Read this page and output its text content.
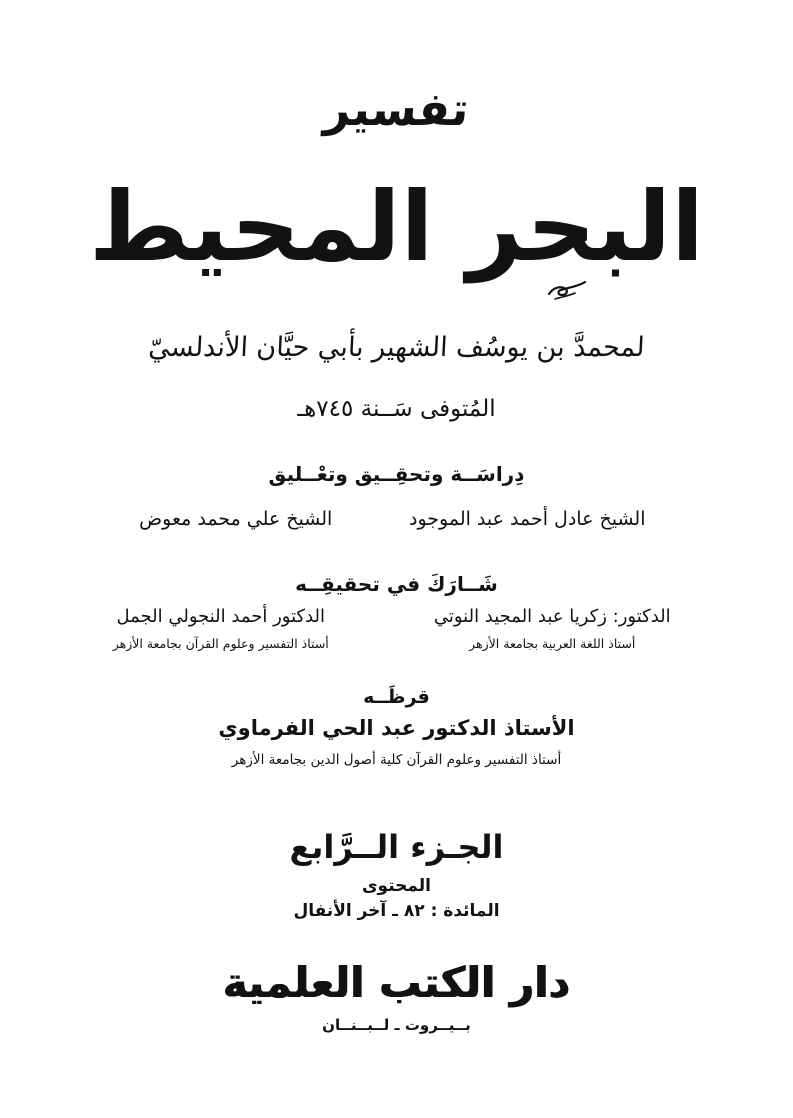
تفسير
البحر المحيط
لمحمدَّ بن يوسُف الشهير بأبي حيَّان الأندلسيّ
المُتوفى سَــنة ٧٤٥هـ
دِراسَــة وتحقِــيق وتعْــليق
الشيخ عادل أحمد عبد الموجود
الشيخ علي محمد معوض
شَــارَكَ في تحقيقِــه
الدكتور: زكريا عبد المجيد النوتي
أستاذ اللغة العربية بجامعة الأزهر
الدكتور أحمد النجولي الجمل
أستاذ التفسير وعلوم القرآن بجامعة الأزهر
قرظَــه
الأستاذ الدكتور عبد الحي الفرماوي
أستاذ التفسير وعلوم القرآن كلية أصول الدين بجامعة الأزهر
الجـزء الــرَّابع
المحتوى
المائدة : ٨٢ ـ آخر الأنفال
دار الكتب العلمية
بــيــروت ـ لــبــنــان
